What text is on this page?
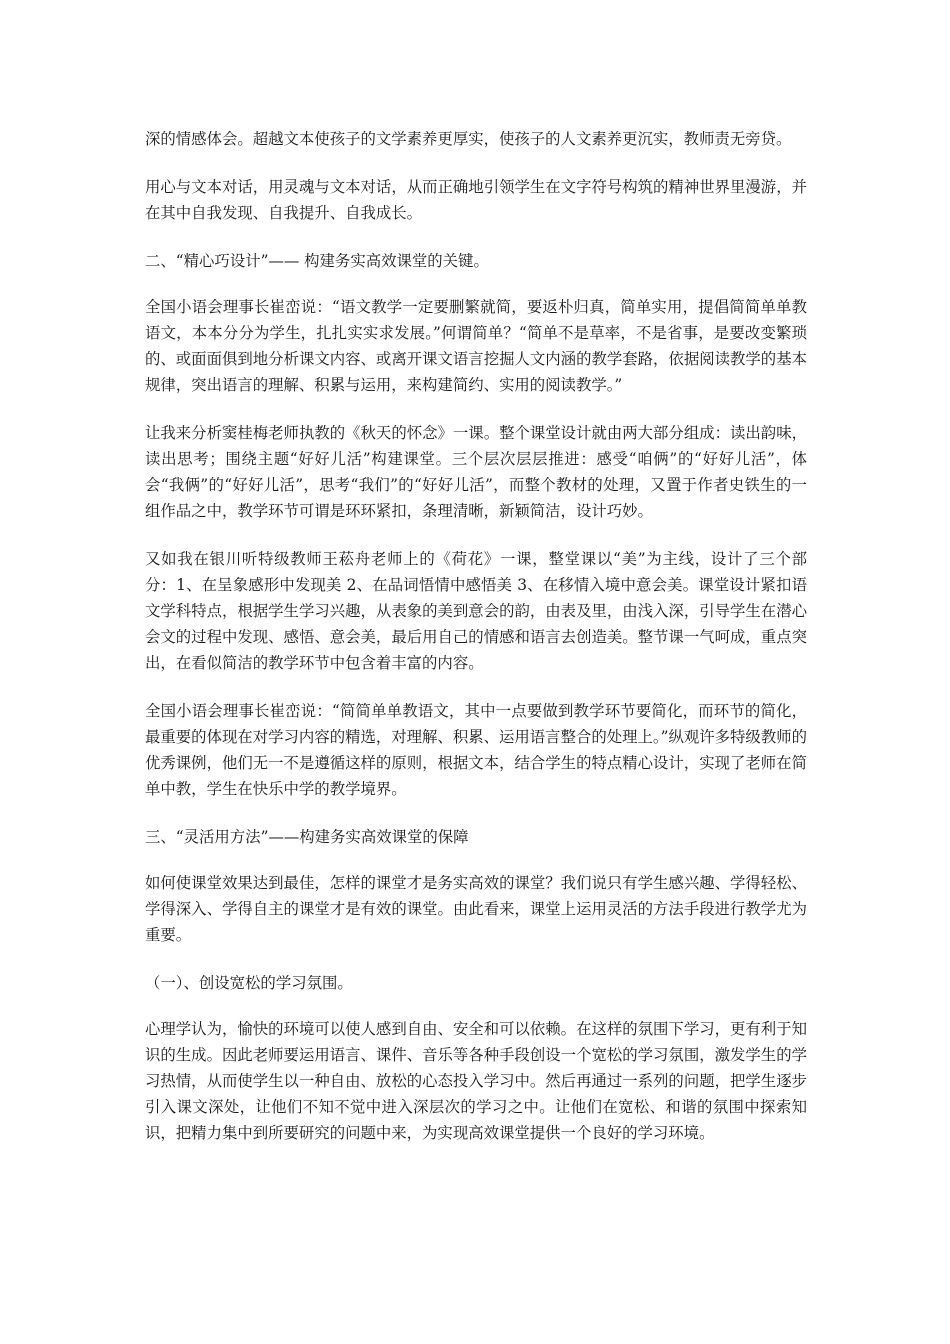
深的情感体会。超越文本使孩子的文学素养更厚实，使孩子的人文素养更沉实，教师责无旁贷。

用心与文本对话，用灵魂与文本对话，从而正确地引领学生在文字符号构筑的精神世界里漫游，并在其中自我发现、自我提升、自我成长。

二、“精心巧设计”—— 构建务实高效课堂的关键。

全国小语会理事长崔峦说：“语文教学一定要删繁就简，要返朴归真，简单实用，提倡简简单单教语文，本本分分为学生，扎扎实实求发展。”何谓简单？“简单不是草率，不是省事，是要改变繁琐的、或面面俱到地分析课文内容、或离开课文语言挖掘人文内涵的教学套路，依据阅读教学的基本规律，突出语言的理解、积累与运用，来构建简约、实用的阅读教学。”

让我来分析窦桂梅老师执教的《秋天的怀念》一课。整个课堂设计就由两大部分组成：读出韵味，读出思考；围绕主题“好好儿活”构建课堂。三个层次层层推进：感受“咱俩”的“好好儿活”，体会“我俩”的“好好儿活”，思考“我们”的“好好儿活”，而整个教材的处理，又置于作者史铁生的一组作品之中，教学环节可谓是环环紧扣，条理清晰，新颖简洁，设计巧妙。

又如我在银川听特级教师王菘舟老师上的《荷花》一课，整堂课以“美”为主线，设计了三个部分：1、在呈象感形中发现美 2、在品词悟情中感悟美 3、在移情入境中意会美。课堂设计紧扣语文学科特点，根据学生学习兴趣，从表象的美到意会的韵，由表及里，由浅入深，引导学生在潜心会文的过程中发现、感悟、意会美，最后用自己的情感和语言去创造美。整节课一气呵成，重点突出，在看似简洁的教学环节中包含着丰富的内容。

全国小语会理事长崔峦说：“简简单单教语文，其中一点要做到教学环节要简化，而环节的简化，最重要的体现在对学习内容的精选，对理解、积累、运用语言整合的处理上。”纵观许多特级教师的优秀课例，他们无一不是遵循这样的原则，根据文本，结合学生的特点精心设计，实现了老师在简单中教，学生在快乐中学的教学境界。

三、“灵活用方法”——构建务实高效课堂的保障

如何使课堂效果达到最佳，怎样的课堂才是务实高效的课堂？我们说只有学生感兴趣、学得轻松、学得深入、学得自主的课堂才是有效的课堂。由此看来，课堂上运用灵活的方法手段进行教学尤为重要。

（一）、创设宽松的学习氛围。

心理学认为，愉快的环境可以使人感到自由、安全和可以依赖。在这样的氛围下学习，更有利于知识的生成。因此老师要运用语言、课件、音乐等各种手段创设一个宽松的学习氛围，激发学生的学习热情，从而使学生以一种自由、放松的心态投入学习中。然后再通过一系列的问题，把学生逐步引入课文深处，让他们不知不觉中进入深层次的学习之中。让他们在宽松、和谐的氛围中探索知识，把精力集中到所要研究的问题中来，为实现高效课堂提供一个良好的学习环境。
